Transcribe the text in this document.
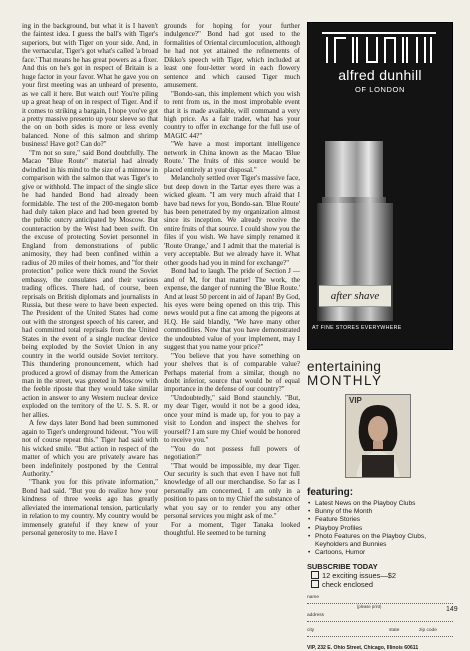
ing in the background, but what it is I haven't the faintest idea. I guess the ball's with Tiger's superiors, but with Tiger on your side. And, in the vernacular, Tiger's got what's called 'a broad face.' That means he has great powers as a fixer. And this on he's got in respect of Britain is a huge factor in your favor. What he gave you on your first meeting was an unheard of presento, as we call it here. But watch out! You're piling up a great heap of on in respect of Tiger. And if it comes to striking a bargain, I hope you've got a pretty massive presento up your sleeve so that the on on both sides is more or less evenly balanced. None of this salmon and shrimp business! Have got? Can do?"

"I'm not so sure," said Bond doubtfully. The Macao "Blue Route" material had already dwindled in his mind to the size of a minnow in comparison with the salmon that was Tiger's to give or withhold. The impact of the single slice he had handed Bond had already been formidable. The test of the 200-megaton bomb had duly taken place and had been greeted by the public outcry anticipated by Moscow. But counteraction by the West had been swift. On the excuse of protecting Soviet personnel in England from demonstrations of public animosity, they had been confined within a radius of 20 miles of their homes, and "for their protection" police were thick round the Soviet embassy, the consulates and their various trading offices. There had, of course, been reprisals on British diplomats and journalists in Russia, but these were to have been expected. The President of the United States had come out with the strongest speech of his career, and had committed total reprisals from the United States in the event of a single nuclear device being exploded by the Soviet Union in any country in the world outside Soviet territory. This thundering pronouncement, which had produced a growl of dismay from the American man in the street, was greeted in Moscow with the feeble riposte that they would take similar action in answer to any Western nuclear device exploded on the territory of the U. S. S. R. or her allies.

A few days later Bond had been summoned again to Tiger's underground hideout. "You will not of course repeat this." Tiger had said with his wicked smile. "But action in respect of the matter of which you are privately aware has been indefinitely postponed by the Central Authority."

"Thank you for this private information," Bond had said. "But you do realize how your kindness of three weeks ago has greatly alleviated the international tension, particularly in relation to my country. My country would be immensely grateful if they knew of your personal generosity to me. Have I

grounds for hoping for your further indulgence?" Bond had got used to the formalities of Oriental circumlocution, although he had not yet attained the refinements of Dikko's speech with Tiger, which included at least one four-letter word in each flowery sentence and which caused Tiger much amusement.

"Bondo-san, this implement which you wish to rent from us, in the most improbable event that it is made available, will command a very high price. As a fair trader, what has your country to offer in exchange for the full use of MAGIC 44?"

"We have a most important intelligence network in China known as the Macao 'Blue Route.' The fruits of this source would be placed entirely at your disposal."

Melancholy settled over Tiger's massive face, but deep down in the Tartar eyes there was a wicked gleam. "I am very much afraid that I have bad news for you, Bondo-san. 'Blue Route' has been penetrated by my organization almost since its inception. We already receive the entire fruits of that source. I could show you the files if you wish. We have simply renamed it 'Route Orange,' and I admit that the material is very acceptable. But we already have it. What other goods had you in mind for exchange?"

Bond had to laugh. The pride of Section J — and of M, for that matter! The work, the expense, the danger of running the 'Blue Route.' And at least 50 percent in aid of Japan! By God, his eyes were being opened on this trip. This news would put a fine cat among the pigeons at H.Q. He said blandly, "We have many other commodities. Now that you have demonstrated the undoubted value of your implement, may I suggest that you name your price?"

"You believe that you have something on your shelves that is of comparable value? Perhaps material from a similar, though no doubt inferior, source that would be of equal importance in the defense of our country?"

"Undoubtedly," said Bond staunchly. "But, my dear Tiger, would it not be a good idea, once your mind is made up, for you to pay a visit to London and inspect the shelves for yourself? I am sure my Chief would be honored to receive you."

"You do not possess full powers of negotiation?"

"That would be impossible, my dear Tiger. Our security is such that even I have not full knowledge of all our merchandise. So far as I personally am concerned, I am only in a position to pass on to my Chief the substance of what you say or to render you any other personal services you might ask of me."

For a moment, Tiger Tanaka looked thoughtful. He seemed to be turning

alfred dunhill
OF LONDON
after shave
AT FINE STORES EVERYWHERE
entertaining
MONTHLY
VIP
featuring:
• Latest News on the Playboy Clubs
• Bunny of the Month
• Feature Stories
• Playboy Profiles
• Photo Features on the Playboy Clubs, Keyholders and Bunnies
• Cartoons, Humor
SUBSCRIBE TODAY
12 exciting issues—$2
check enclosed
name
(please print)
address
city	state	zip code
VIP, 232 E. Ohio Street, Chicago, Illinois 60611
149
